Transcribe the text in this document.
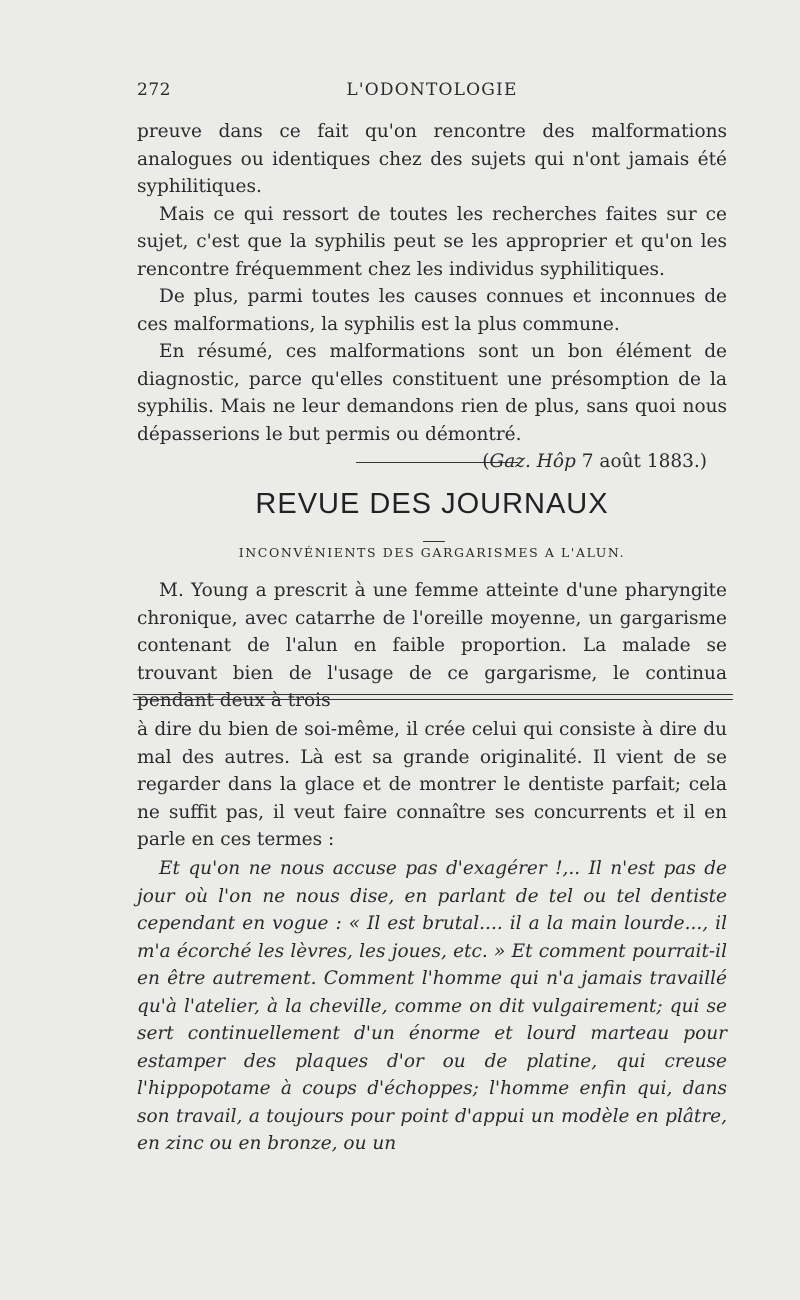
272	L'ODONTOLOGIE

preuve dans ce fait qu'on rencontre des malformations analogues ou identiques chez des sujets qui n'ont jamais été syphilitiques.

Mais ce qui ressort de toutes les recherches faites sur ce sujet, c'est que la syphilis peut se les approprier et qu'on les rencontre fréquemment chez les individus syphilitiques.

De plus, parmi toutes les causes connues et inconnues de ces malformations, la syphilis est la plus commune.

En résumé, ces malformations sont un bon élément de diagnostic, parce qu'elles constituent une présomption de la syphilis. Mais ne leur demandons rien de plus, sans quoi nous dépasserions le but permis ou démontré.

(Gaz. Hôp 7 août 1883.)
REVUE DES JOURNAUX
INCONVÉNIENTS DES GARGARISMES A L'ALUN.

M. Young a prescrit à une femme atteinte d'une pharyngite chronique, avec catarrhe de l'oreille moyenne, un gargarisme contenant de l'alun en faible proportion. La malade se trouvant bien de l'usage de ce gargarisme, le continua pendant deux à trois

à dire du bien de soi-même, il crée celui qui consiste à dire du mal des autres. Là est sa grande originalité. Il vient de se regarder dans la glace et de montrer le dentiste parfait; cela ne suffit pas, il veut faire connaître ses concurrents et il en parle en ces termes :

Et qu'on ne nous accuse pas d'exagérer !,.. Il n'est pas de jour où l'on ne nous dise, en parlant de tel ou tel dentiste cependant en vogue : « Il est brutal.... il a la main lourde..., il m'a écorché les lèvres, les joues, etc. » Et comment pourrait-il en être autrement. Comment l'homme qui n'a jamais travaillé qu'à l'atelier, à la cheville, comme on dit vulgairement; qui se sert continuellement d'un énorme et lourd marteau pour estamper des plaques d'or ou de platine, qui creuse l'hippopotame à coups d'échoppes; l'homme enfin qui, dans son travail, a toujours pour point d'appui un modèle en plâtre, en zinc ou en bronze, ou un
